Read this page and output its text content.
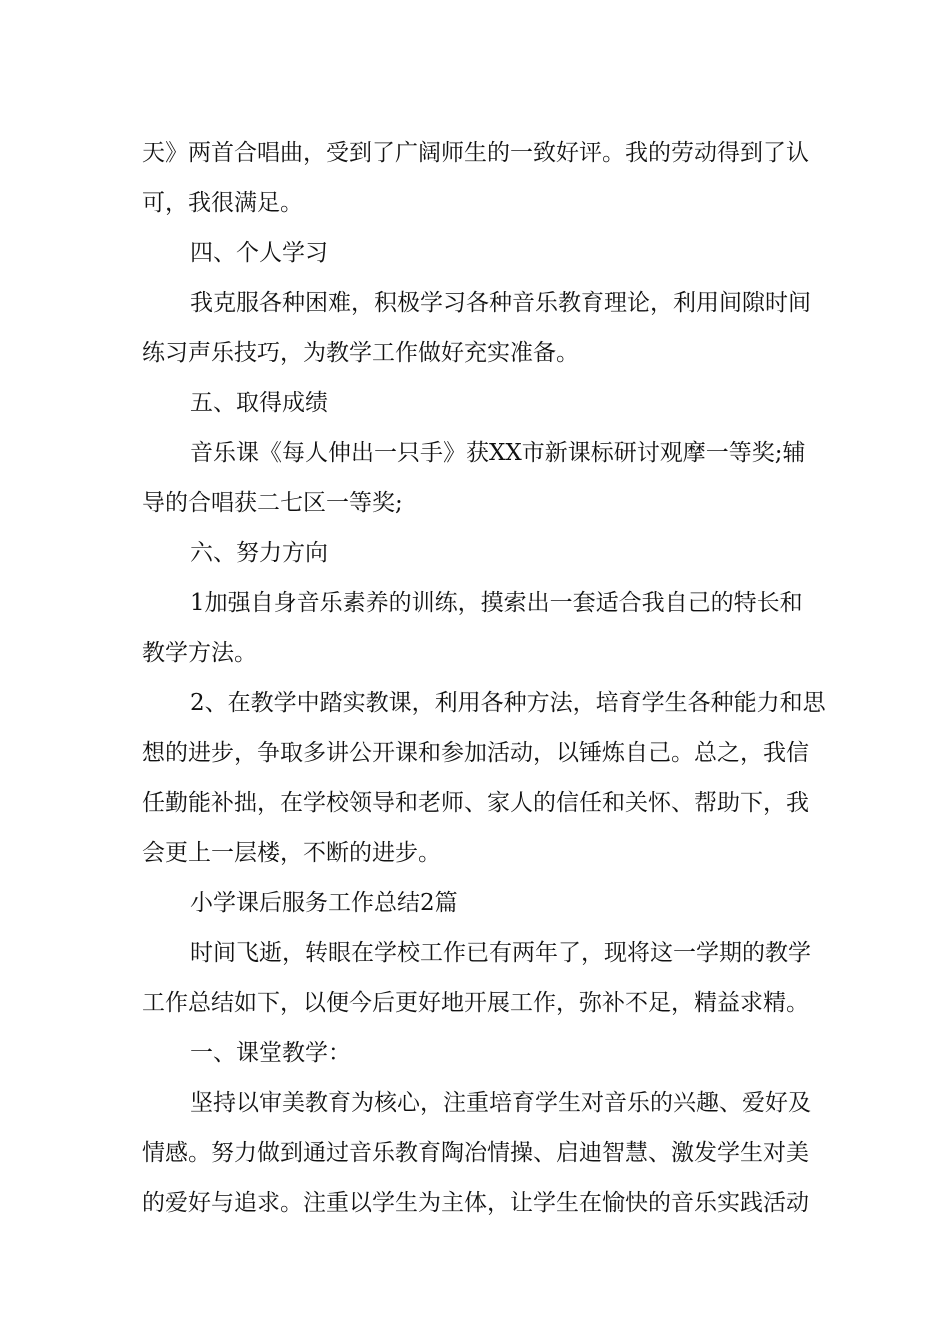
天》两首合唱曲，受到了广阔师生的一致好评。我的劳动得到了认
可，我很满足。
四、个人学习
我克服各种困难，积极学习各种音乐教育理论，利用间隙时间
练习声乐技巧，为教学工作做好充实准备。
五、取得成绩
音乐课《每人伸出一只手》获XX市新课标研讨观摩一等奖;辅
导的合唱获二七区一等奖;
六、努力方向
1加强自身音乐素养的训练，摸索出一套适合我自己的特长和
教学方法。
2、在教学中踏实教课，利用各种方法，培育学生各种能力和思
想的进步，争取多讲公开课和参加活动，以锤炼自己。总之，我信
任勤能补拙，在学校领导和老师、家人的信任和关怀、帮助下，我
会更上一层楼，不断的进步。
小学课后服务工作总结2篇
时间飞逝，转眼在学校工作已有两年了，现将这一学期的教学
工作总结如下，以便今后更好地开展工作，弥补不足，精益求精。
一、课堂教学：
坚持以审美教育为核心，注重培育学生对音乐的兴趣、爱好及
情感。努力做到通过音乐教育陶冶情操、启迪智慧、激发学生对美
的爱好与追求。注重以学生为主体，让学生在愉快的音乐实践活动
